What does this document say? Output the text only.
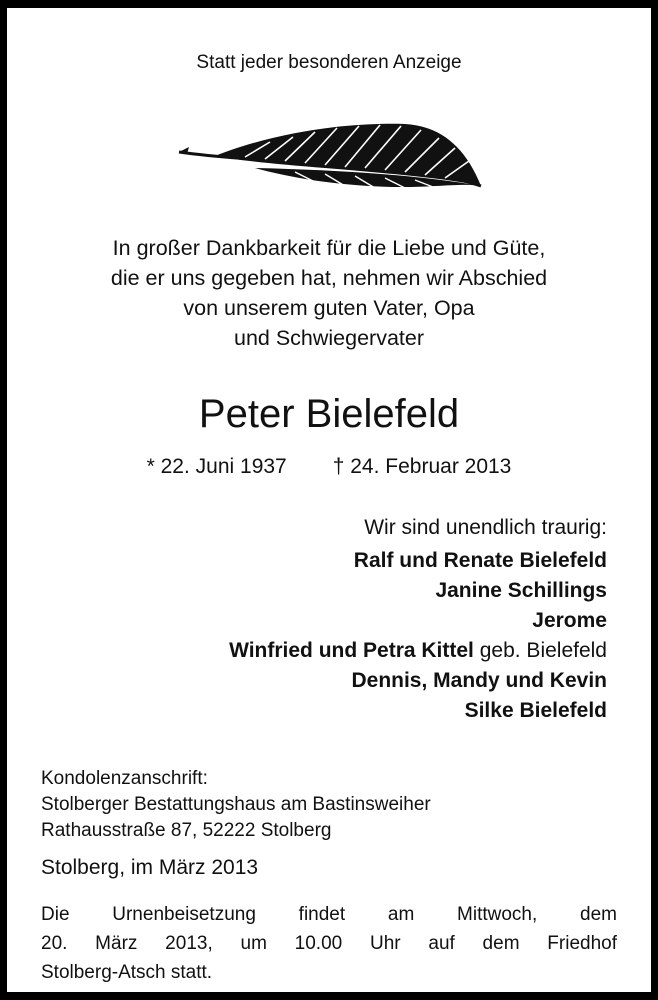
Statt jeder besonderen Anzeige
In großer Dankbarkeit für die Liebe und Güte,
die er uns gegeben hat, nehmen wir Abschied
von unserem guten Vater, Opa
und Schwiegervater
Peter Bielefeld
* 22. Juni 1937 † 24. Februar 2013
Wir sind unendlich traurig:
Ralf und Renate Bielefeld
Janine Schillings
Jerome
Winfried und Petra Kittel geb. Bielefeld
Dennis, Mandy und Kevin
Silke Bielefeld
Kondolenzanschrift:
Stolberger Bestattungshaus am Bastinsweiher
Rathausstraße 87, 52222 Stolberg
Stolberg, im März 2013
Die Urnenbeisetzung findet am Mittwoch, dem
20. März 2013, um 10.00 Uhr auf dem Friedhof
Stolberg-Atsch statt.
